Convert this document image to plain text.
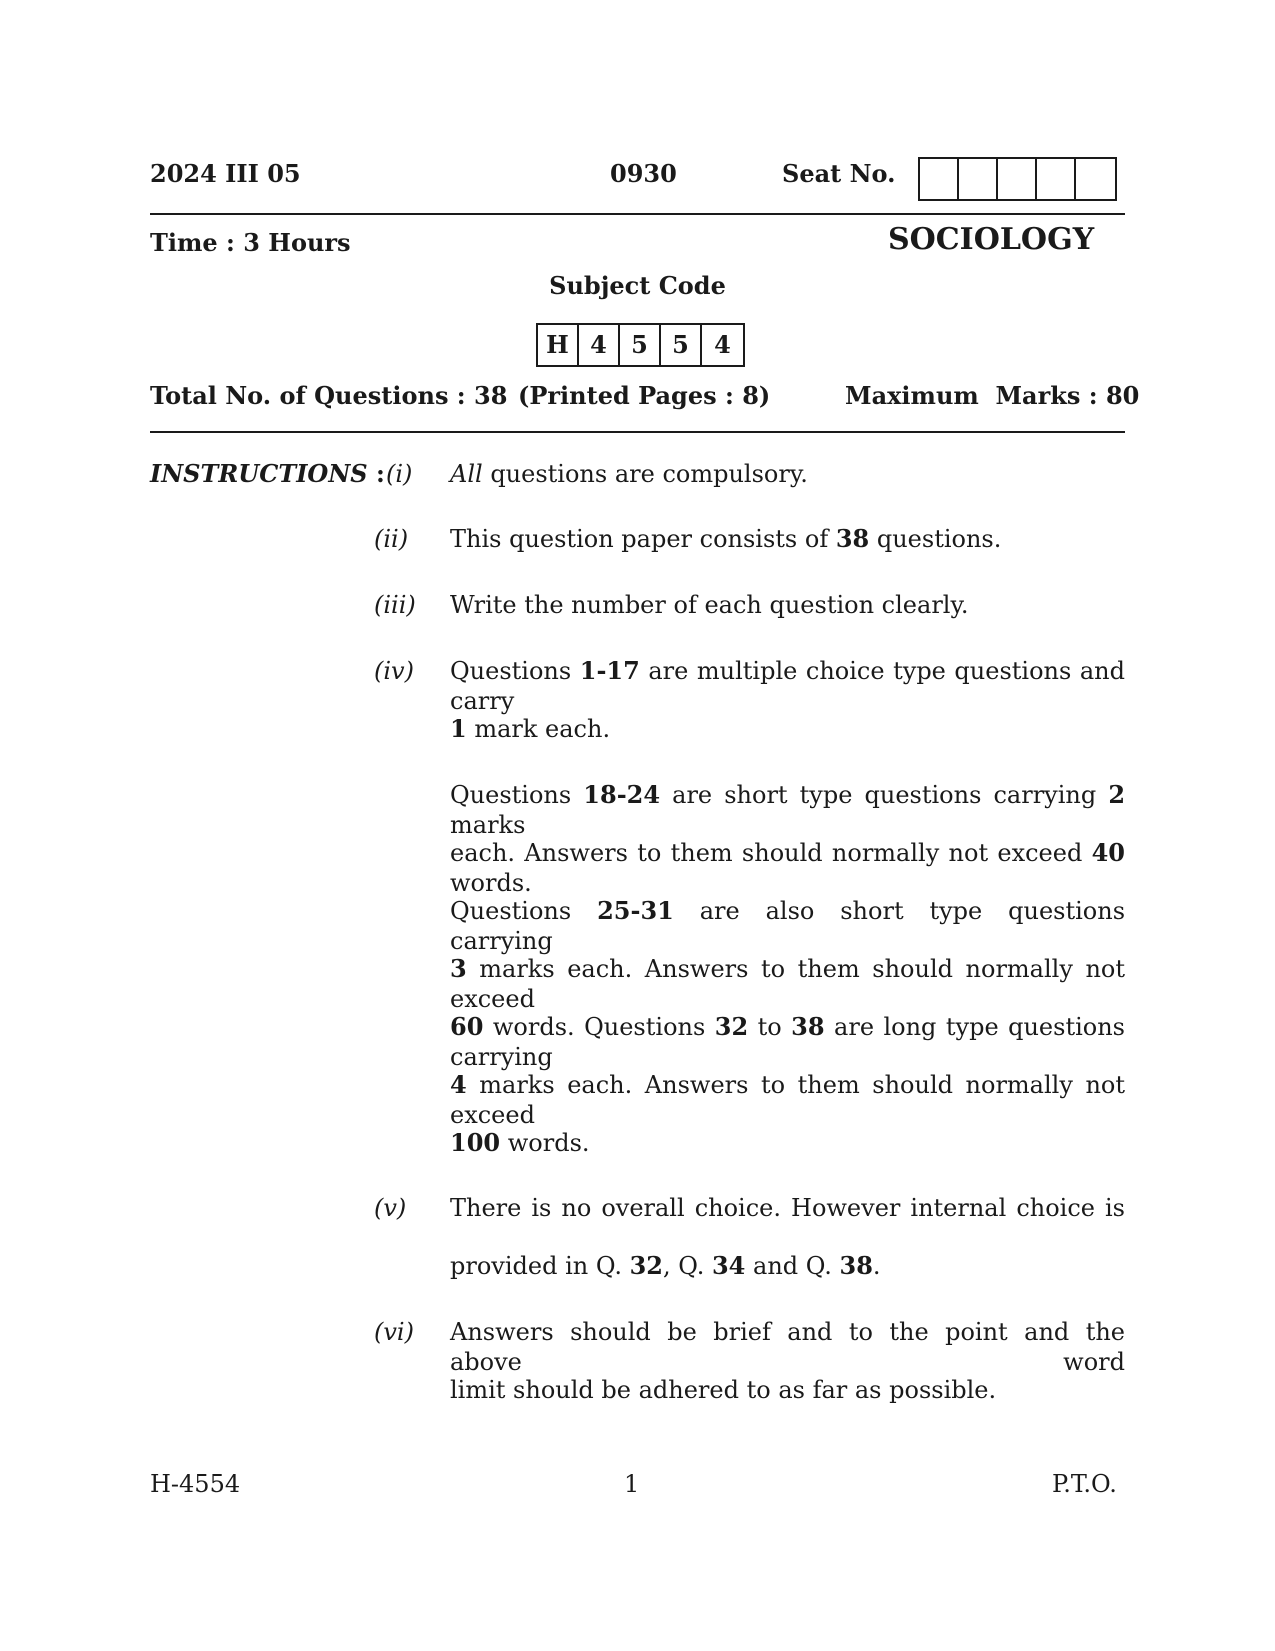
2024 III 05	0930	Seat No.
Time : 3 Hours	SOCIOLOGY
Subject Code
H 4	5	5	4
Total No. of Questions : 38 (Printed Pages : 8)	Maximum  Marks : 80
INSTRUCTIONS : (i) All questions are compulsory.
(ii) This question paper consists of 38 questions.
(iii) Write the number of each question clearly.
(iv) Questions 1-17 are multiple choice type questions and carry
1 mark each.
Questions 18-24 are short type questions carrying 2 marks
each. Answers to them should normally not exceed 40 words.
Questions 25-31 are also short type questions carrying
3 marks each. Answers to them should normally not exceed
60 words. Questions 32 to 38 are long type questions carrying
4 marks each. Answers to them should normally not exceed
100 words.
(v) There is no overall choice. However internal choice is
provided in Q. 32, Q. 34 and Q. 38.
(vi) Answers should be brief and to the point and the above word
limit should be adhered to as far as possible.
H-4554	1	P.T.O.
